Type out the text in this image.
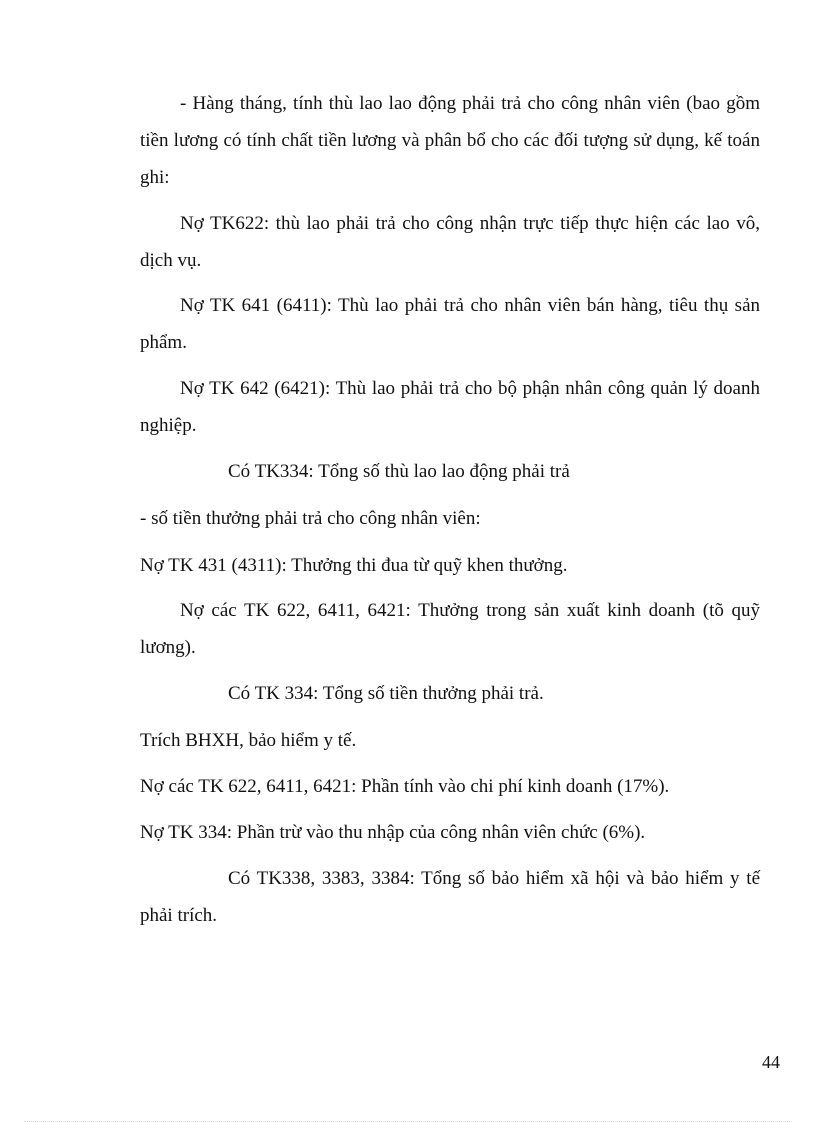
- Hàng tháng, tính thù lao lao động phải trả cho công nhân viên (bao gồm tiền lương có tính chất tiền lương và phân bổ cho các đối tượng sử dụng, kế toán ghi:

Nợ TK622: thù lao phải trả cho công nhận trực tiếp thực hiện các lao vô, dịch vụ.

Nợ TK 641 (6411): Thù lao phải trả cho nhân viên bán hàng, tiêu thụ sản phẩm.

Nợ TK 642 (6421): Thù lao phải trả cho bộ phận nhân công quản lý doanh nghiệp.

Có TK334: Tổng số thù lao lao động phải trả

- số tiền thưởng phải trả cho công nhân viên:

Nợ TK 431 (4311): Thưởng thi đua từ quỹ khen thưởng.

Nợ các TK 622, 6411, 6421: Thưởng trong sản xuất kinh doanh (tõ quỹ lương).

Có TK 334: Tổng số tiền thưởng phải trả.

Trích BHXH, bảo hiểm y tế.

Nợ các TK 622, 6411, 6421: Phần tính vào chi phí kinh doanh (17%).

Nợ TK 334: Phần trừ vào thu nhập của công nhân viên chức (6%).

Có TK338, 3383, 3384: Tổng số bảo hiểm xã hội và bảo hiểm y tế phải trích.

44
